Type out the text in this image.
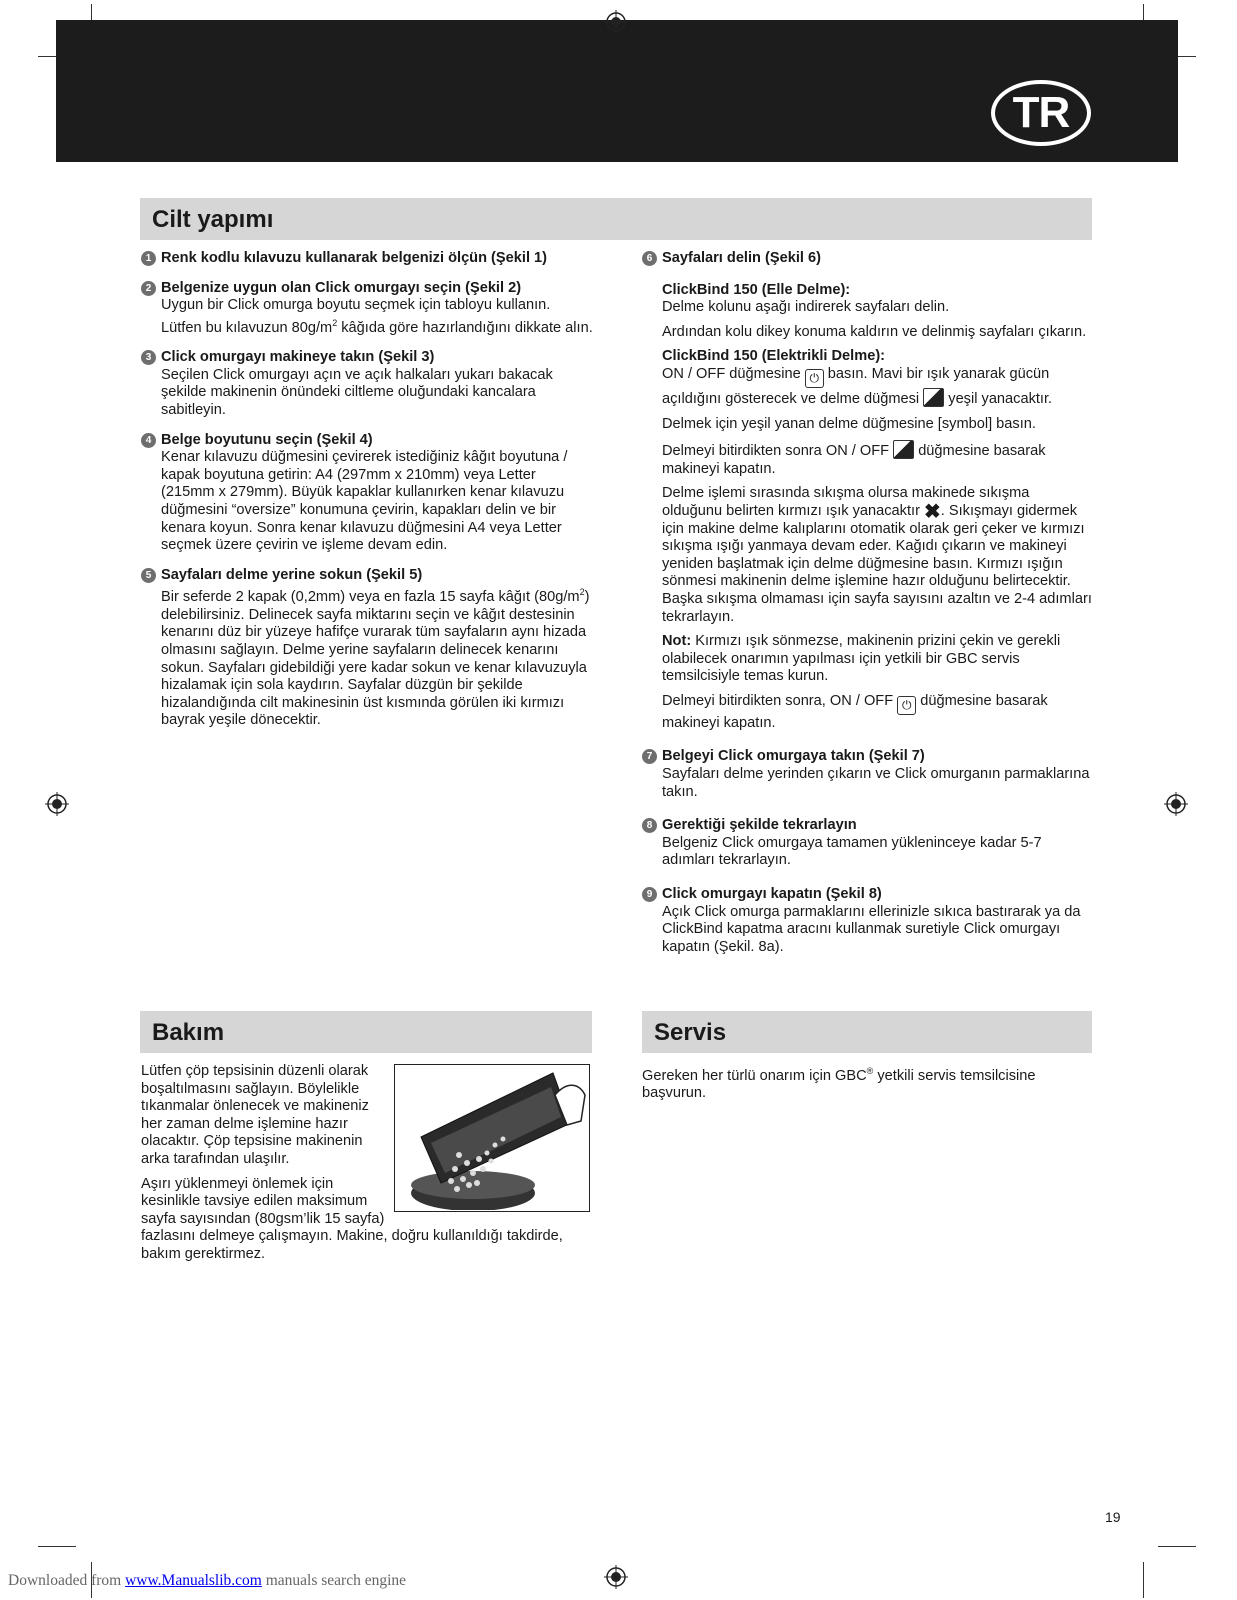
TR
Cilt yapımı
1 Renk kodlu kılavuzu kullanarak belgenizi ölçün (Şekil 1)
2 Belgenize uygun olan Click omurgayı seçin (Şekil 2)
Uygun bir Click omurga boyutu seçmek için tabloyu kullanın. Lütfen bu kılavuzun $80g/m^2$ kâğıda göre hazırlandığını dikkate alın.
3 Click omurgayı makineye takın (Şekil 3)
Seçilen Click omurgayı açın ve açık halkaları yukarı bakacak şekilde makinenin önündeki ciltleme oluğundaki kancalara sabitleyin.
4 Belge boyutunu seçin (Şekil 4)
Kenar kılavuzu düğmesini çevirerek istediğiniz kâğıt boyutuna / kapak boyutuna getirin: A4 (297mm x 210mm) veya Letter (215mm x 279mm). Büyük kapaklar kullanırken kenar kılavuzu düğmesini “oversize” konumuna çevirin, kapakları delin ve bir kenara koyun. Sonra kenar kılavuzu düğmesini A4 veya Letter seçmek üzere çevirin ve işleme devam edin.
5 Sayfaları delme yerine sokun (Şekil 5)
Bir seferde 2 kapak (0,2mm) veya en fazla 15 sayfa kâğıt $(80g/m^2)$ delebilirsiniz. Delinecek sayfa miktarını seçin ve kâğıt destesinin kenarını düz bir yüzeye hafifçe vurarak tüm sayfaların aynı hizada olmasını sağlayın. Delme yerine sayfaların delinecek kenarını sokun. Sayfaları gidebildiği yere kadar sokun ve kenar kılavuzuyla hizalamak için sola kaydırın. Sayfalar düzgün bir şekilde hizalandığında cilt makinesinin üst kısmında görülen iki kırmızı bayrak yeşile dönecektir.
6 Sayfaları delin (Şekil 6)
ClickBind 150 (Elle Delme):

Delme kolunu aşağı indirerek sayfaları delin.

Ardından kolu dikey konuma kaldırın ve delinmiş sayfaları çıkarın.

ClickBind 150 (Elektrikli Delme):

ON / OFF düğmesine ⏻ basın. Mavi bir ışık yanarak gücün açıldığını gösterecek ve delme düğmesi  yeşil yanacaktır.

Delmek için yeşil yanan delme düğmesine [symbol] basın.

Delmeyi bitirdikten sonra ON / OFF  düğmesine basarak makineyi kapatın.

Delme işlemi sırasında sıkışma olursa makinede sıkışma olduğunu belirten kırmızı ışık yanacaktır ✖. Sıkışmayı gidermek için makine delme kalıplarını otomatik olarak geri çeker ve kırmızı sıkışma ışığı yanmaya devam eder. Kağıdı çıkarın ve makineyi yeniden başlatmak için delme düğmesine basın. Kırmızı ışığın sönmesi makinenin delme işlemine hazır olduğunu belirtecektir. Başka sıkışma olmaması için sayfa sayısını azaltın ve 2-4 adımları tekrarlayın.

Not: Kırmızı ışık sönmezse, makinenin prizini çekin ve gerekli olabilecek onarımın yapılması için yetkili bir GBC servis temsilcisiyle temas kurun.

Delmeyi bitirdikten sonra, ON / OFF ⏻ düğmesine basarak makineyi kapatın.

7 Belgeyi Click omurgaya takın (Şekil 7)
Sayfaları delme yerinden çıkarın ve Click omurganın parmaklarına takın.
8 Gerektiği şekilde tekrarlayın
Belgeniz Click omurgaya tamamen yükleninceye kadar 5-7 adımları tekrarlayın.
9 Click omurgayı kapatın (Şekil 8)
Açık Click omurga parmaklarını ellerinizle sıkıca bastırarak ya da ClickBind kapatma aracını kullanmak suretiyle Click omurgayı kapatın (Şekil. 8a).
Bakım

Lütfen çöp tepsisinin düzenli olarak boşaltılmasını sağlayın. Böylelikle tıkanmalar önlenecek ve makineniz her zaman delme işlemine hazır olacaktır. Çöp tepsisine makinenin arka tarafından ulaşılır.

Aşırı yüklenmeyi önlemek için kesinlikle tavsiye edilen maksimum sayfa sayısından (80gsm’lik 15 sayfa) fazlasını delmeye çalışmayın. Makine, doğru kullanıldığı takdirde, bakım gerektirmez.

Servis

Gereken her türlü onarım için GBC® yetkili servis temsilcisine başvurun.

19
Downloaded from www.Manualslib.com manuals search engine
